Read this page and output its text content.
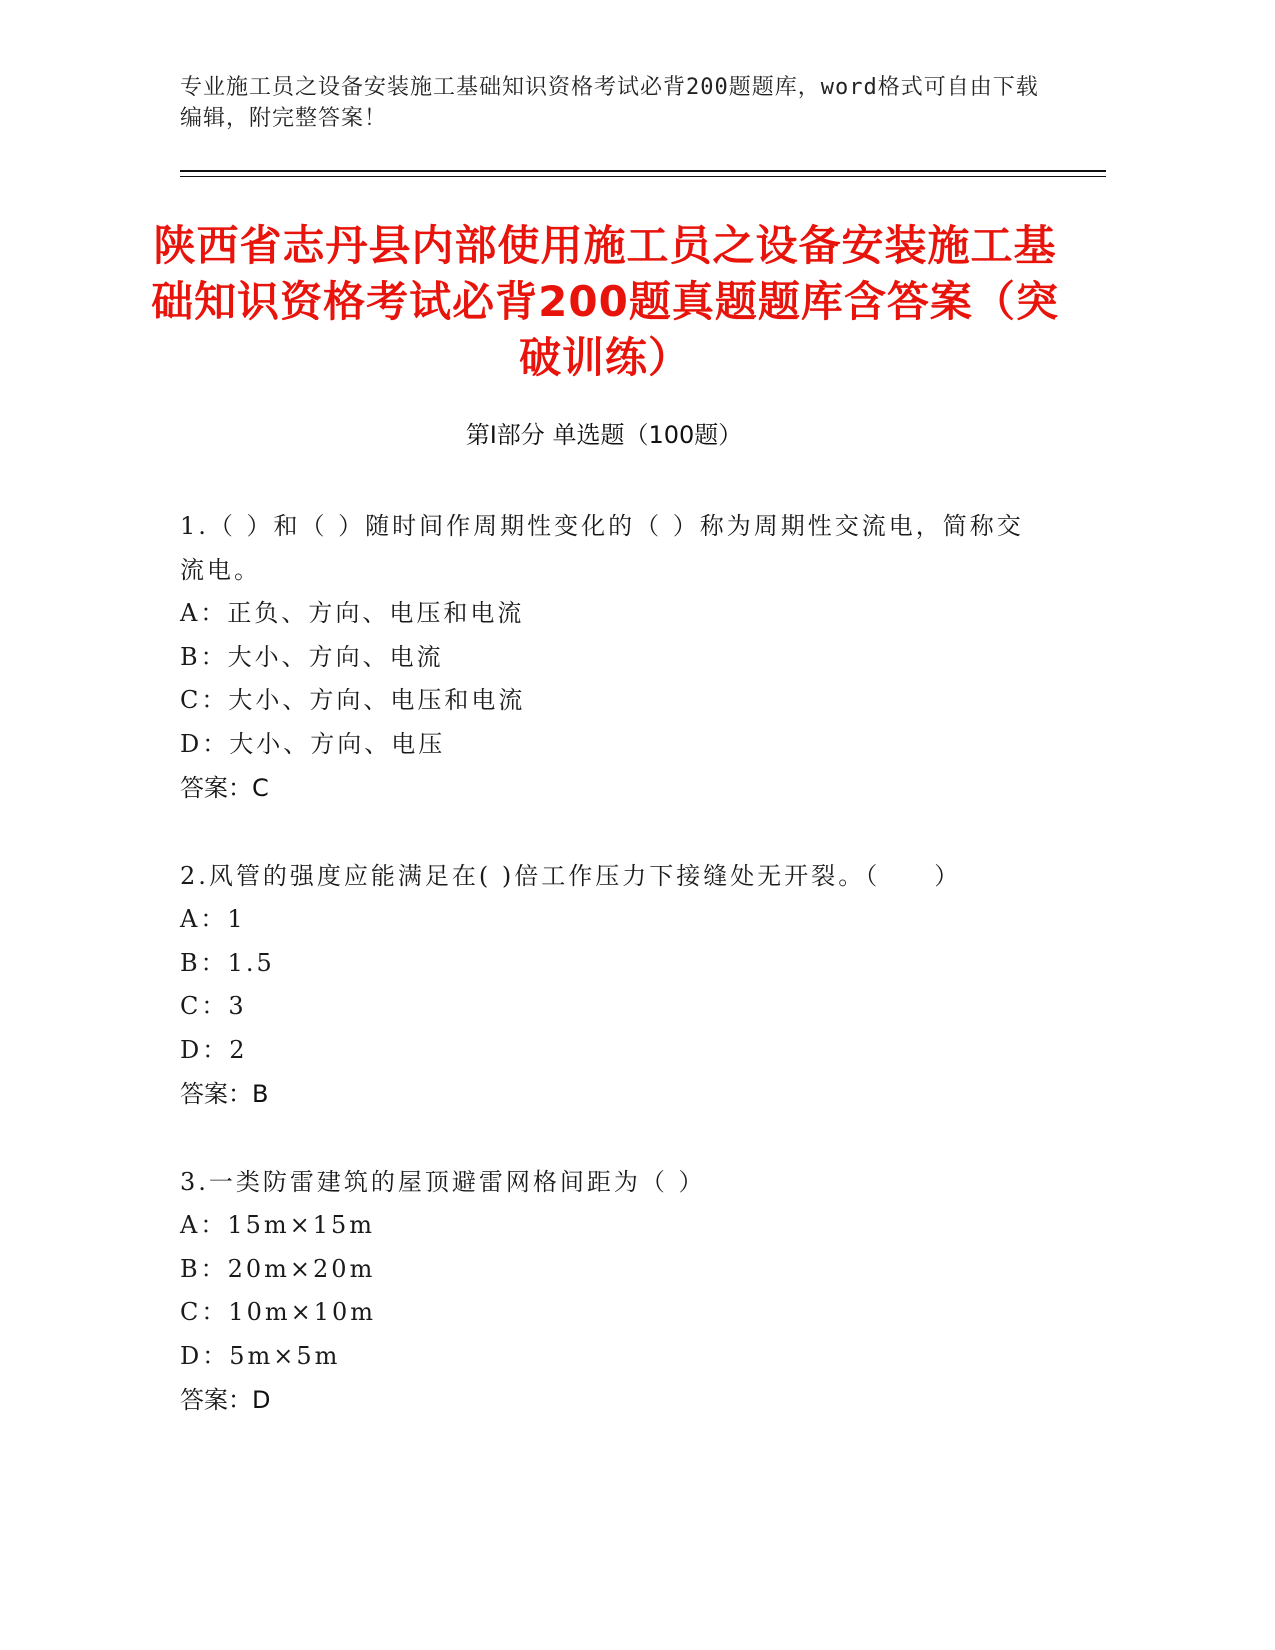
专业施工员之设备安装施工基础知识资格考试必背200题题库，word格式可自由下载编辑，附完整答案！
陕西省志丹县内部使用施工员之设备安装施工基础知识资格考试必背200题真题题库含答案（突破训练）
第Ⅰ部分 单选题（100题）
1.（ ）和（ ）随时间作周期性变化的（ ）称为周期性交流电，简称交流电。
A：正负、方向、电压和电流
B：大小、方向、电流
C：大小、方向、电压和电流
D：大小、方向、电压
答案：C
2.风管的强度应能满足在( )倍工作压力下接缝处无开裂。（　　）
A：1
B：1.5
C：3
D：2
答案：B
3.一类防雷建筑的屋顶避雷网格间距为（ ）
A：15m×15m
B：20m×20m
C：10m×10m
D：5m×5m
答案：D
